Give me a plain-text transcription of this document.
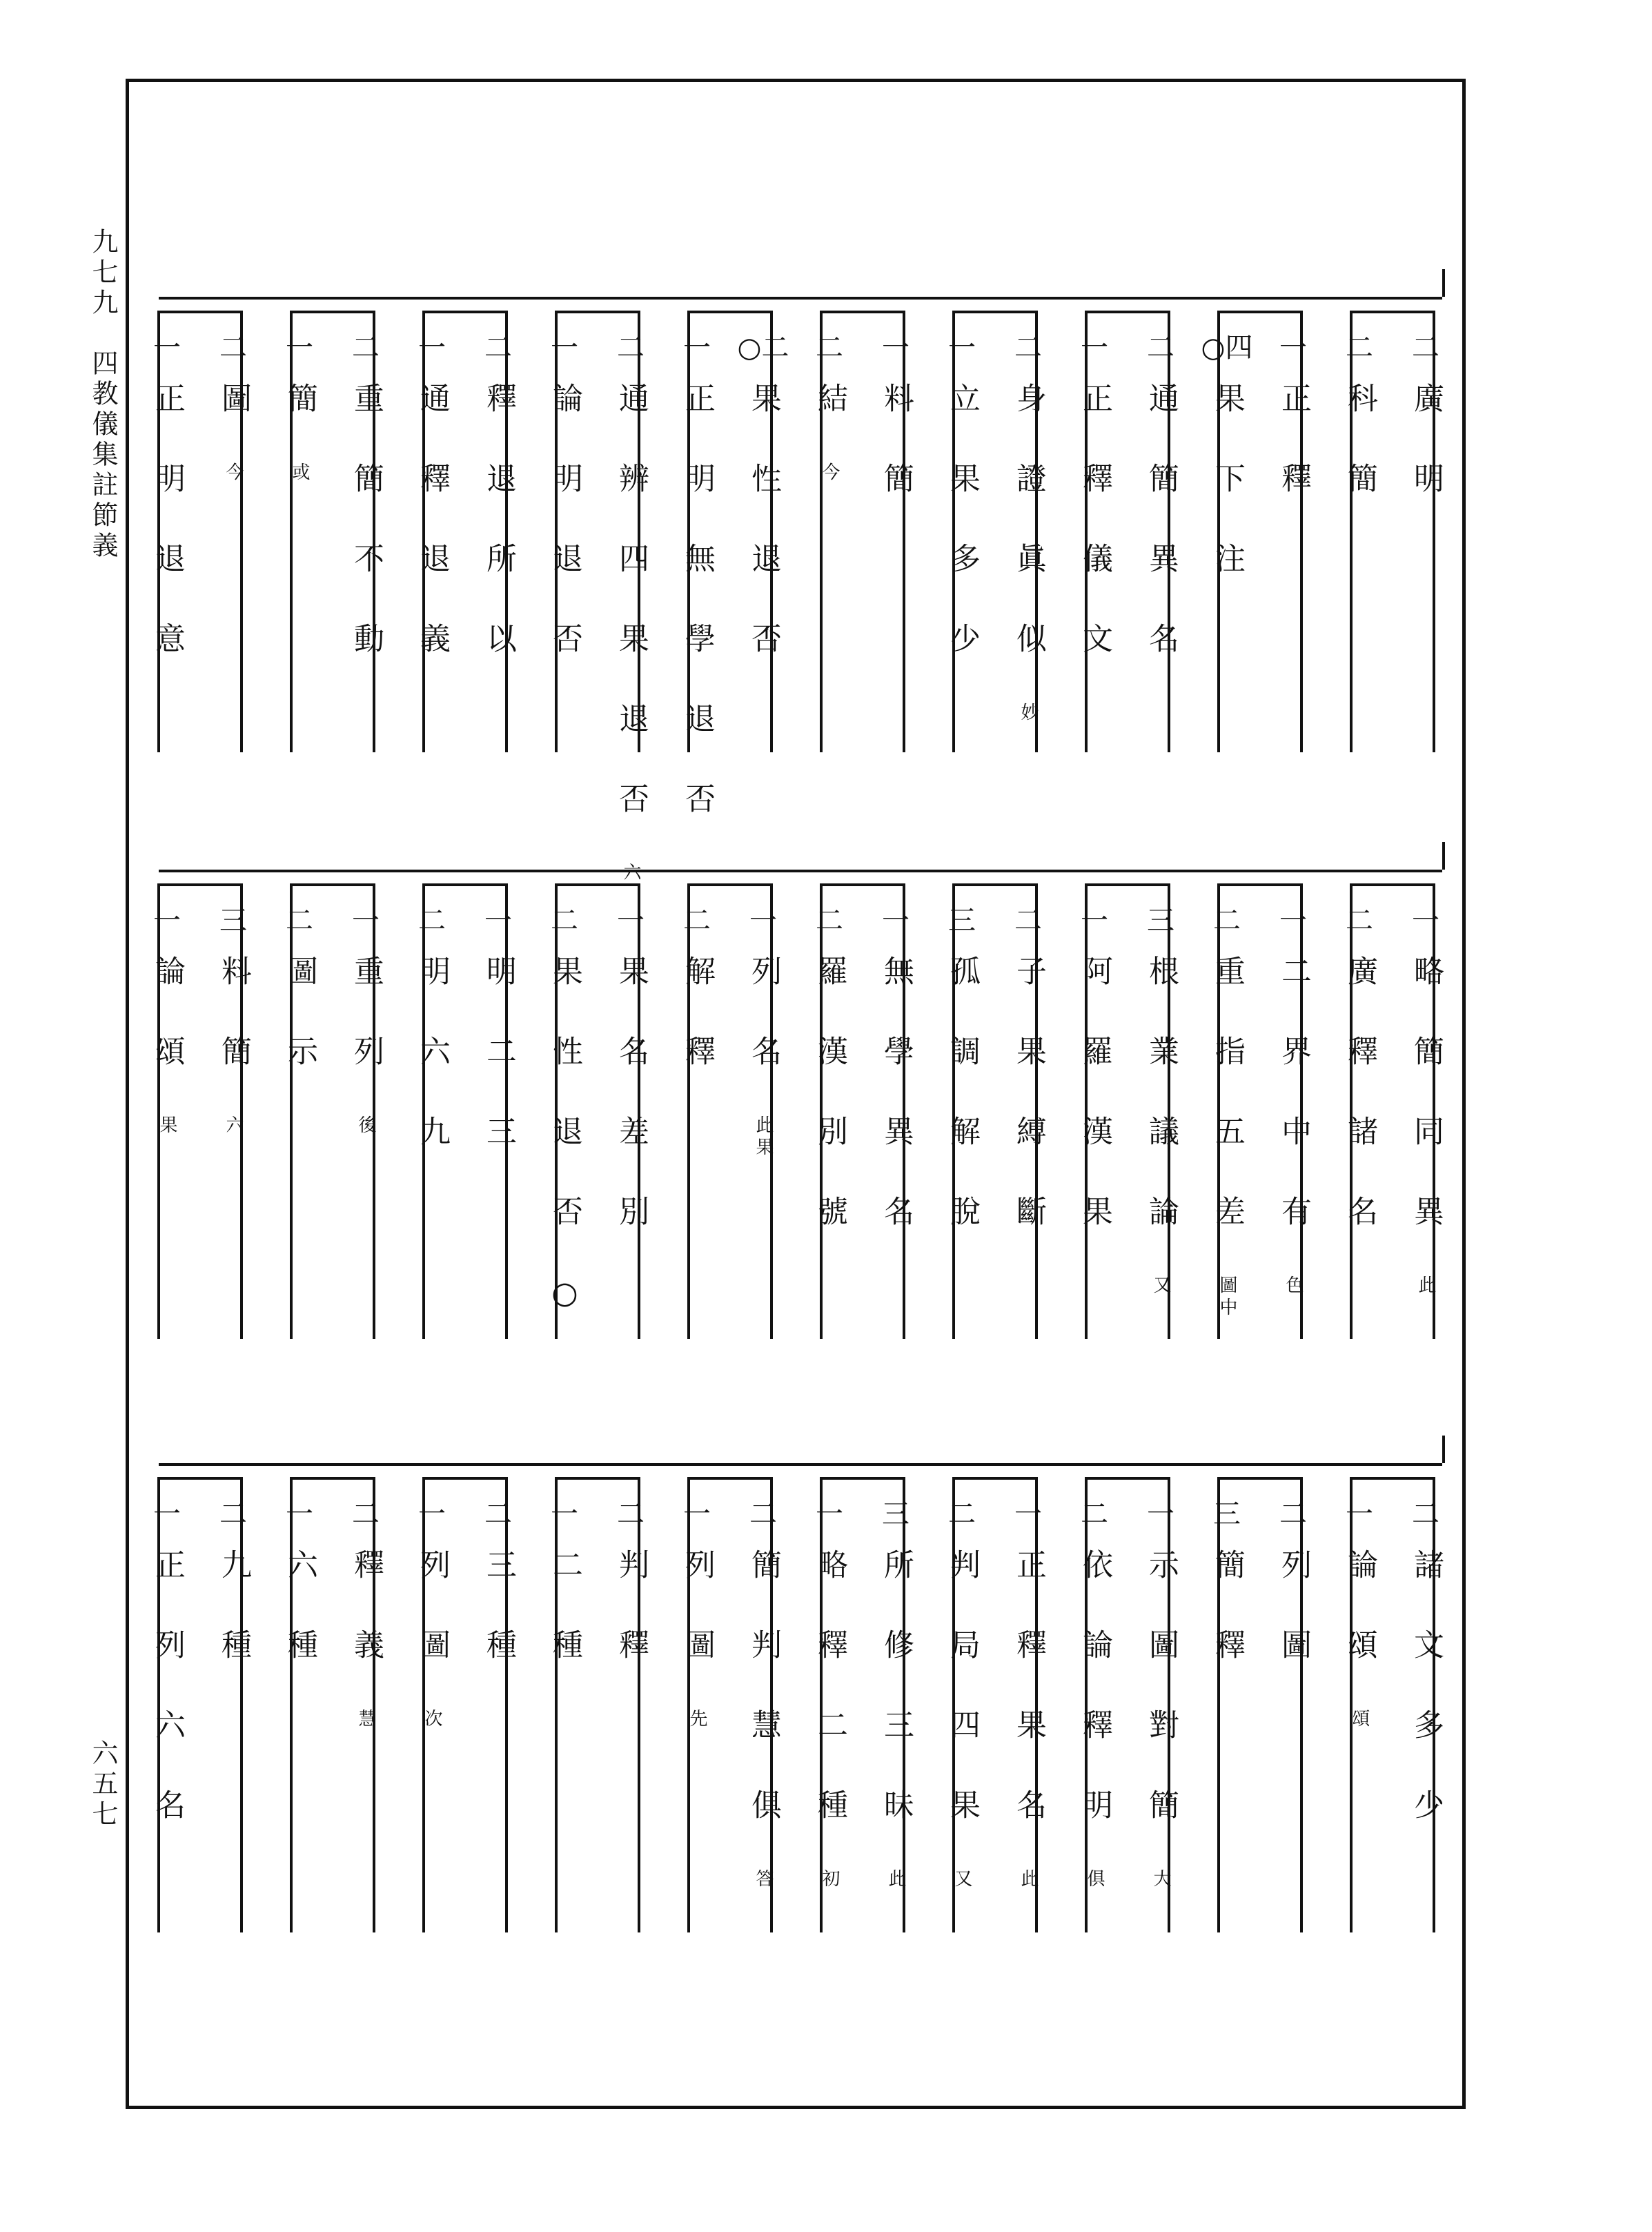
九七九　四教儀集註節義
六五七
二
廣明
二
科簡
一
正釋
○四
果下注
二
通簡異名
一
正釋儀文
二
身證眞似妙
一
立果多少
一
料簡
二
結今
○二
果性退否
一
正明無學退否
二
通辨四果退否六
一
論明退否
二
釋退所以
一
通釋退義
二
重簡不動
一
簡或
二
圖今
一
正明退意
一
略簡同異此
二
廣釋諸名
一
二界中有色
二
重指五差圖中
三
根業議論又
一
阿羅漢果
二
子果縛斷
三
孤調解脫
一
無學異名
二
羅漢別號
一
列名此果
二
解釋
一
果名差別
二
果性退否○
一
明二三
二
明六九
一
重列後
二
圖示
三
料簡六
一
論頌果
二
諸文多少
一
論頌頌
二
列圖
三
簡釋
一
示圖對簡大
二
依論釋明俱
一
正釋果名此
二
判局四果又
三
所修三昧此
一
略釋二種初
二
簡判慧俱答
一
列圖先
二
判釋
一
二種
二
三種
一
列圖次
二
釋義慧
一
六種
二
九種
一
正列六名
